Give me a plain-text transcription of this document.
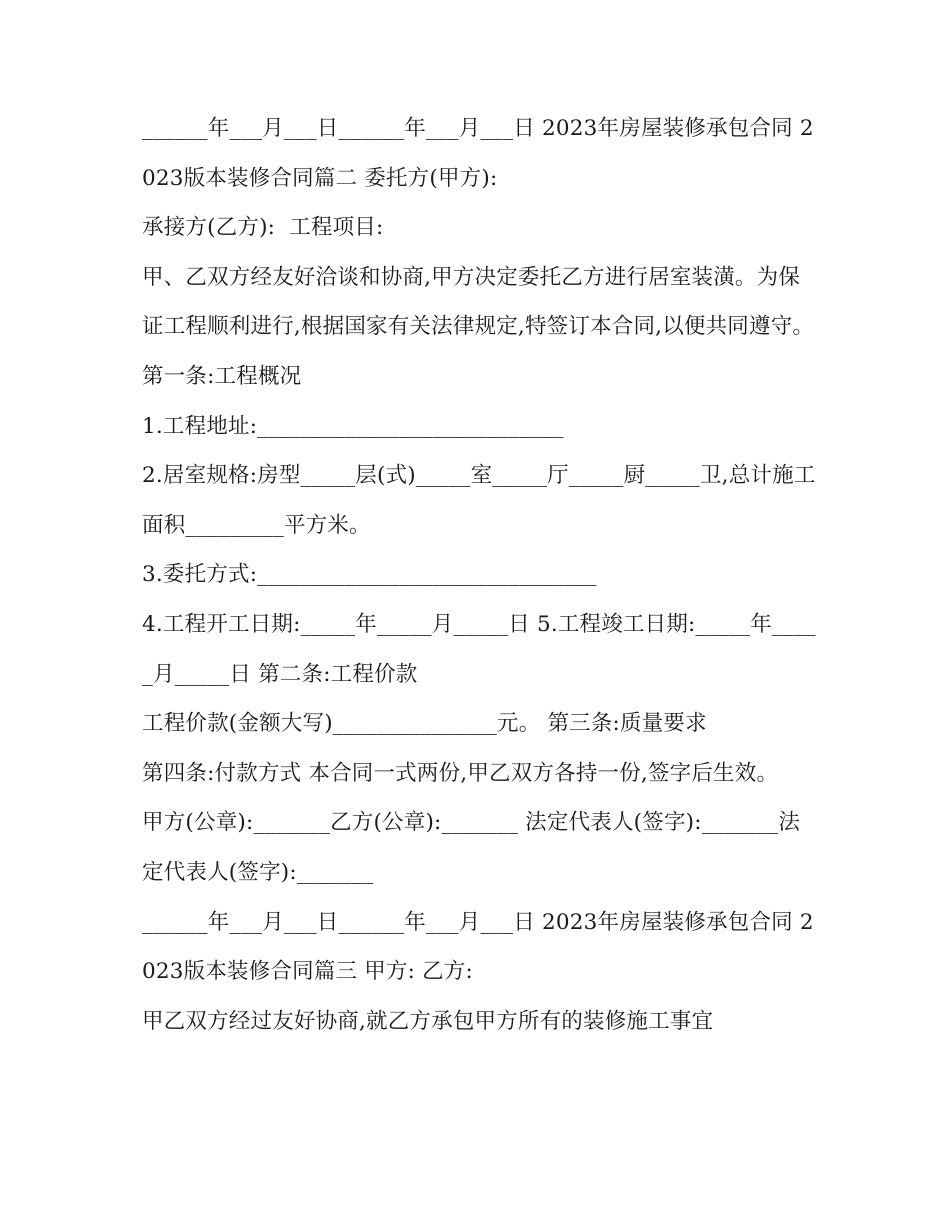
______年___月___日______年___月___日 2023年房屋装修承包合同 2023版本装修合同篇二 委托方(甲方):

承接方(乙方):  工程项目:

甲、乙双方经友好洽谈和协商,甲方决定委托乙方进行居室装潢。为保证工程顺利进行,根据国家有关法律规定,特签订本合同,以便共同遵守。 第一条:工程概况

1.工程地址:____________________________

2.居室规格:房型_____层(式)_____室_____厅_____厨_____卫,总计施工面积_________平方米。

3.委托方式:_______________________________

4.工程开工日期:_____年_____月_____日 5.工程竣工日期:_____年_____月_____日 第二条:工程价款

工程价款(金额大写)_______________元。 第三条:质量要求

第四条:付款方式 本合同一式两份,甲乙双方各持一份,签字后生效。

甲方(公章):_______乙方(公章):_______ 法定代表人(签字):_______法定代表人(签字):_______

______年___月___日______年___月___日 2023年房屋装修承包合同 2023版本装修合同篇三 甲方: 乙方:

甲乙双方经过友好协商,就乙方承包甲方所有的装修施工事宜
